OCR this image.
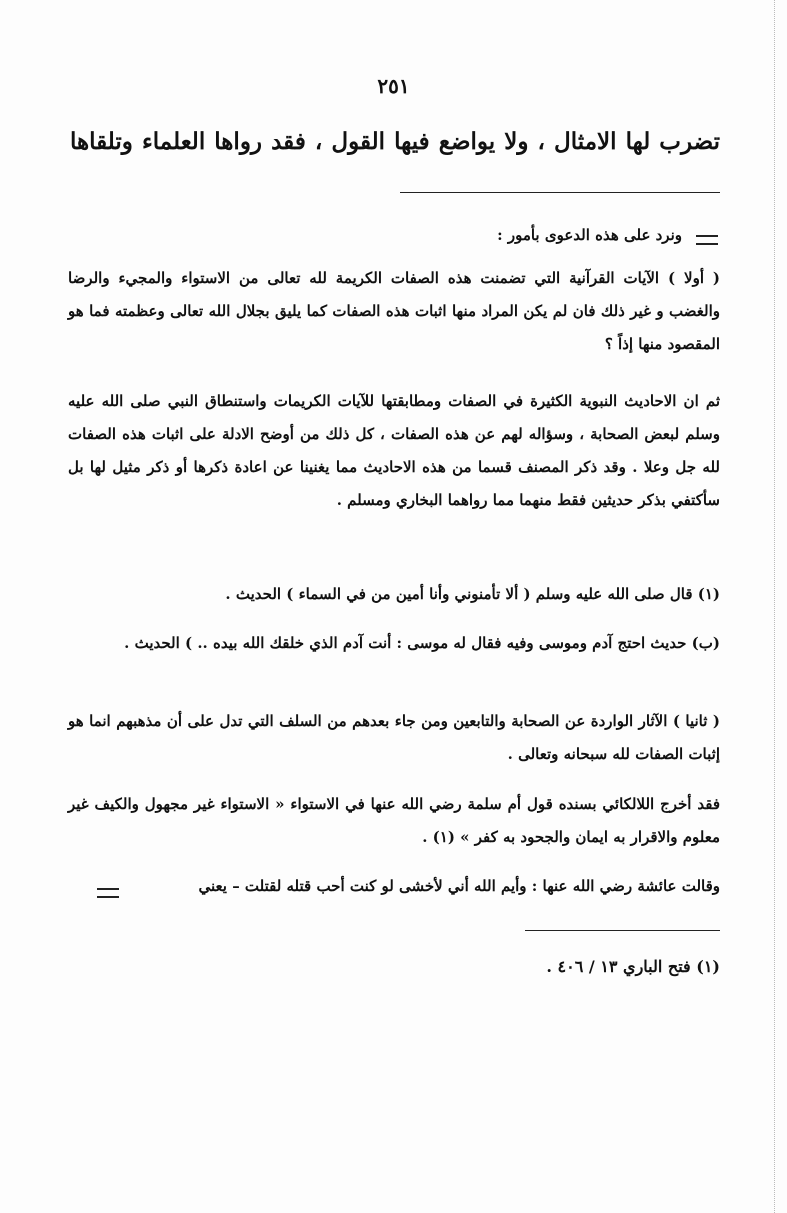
٢٥١
تضرب لها الامثال ، ولا يواضع فيها القول ، فقد رواها العلماء وتلقاها
ونرد على هذه الدعوى بأمور :
( أولا ) الآيات القرآنية التي تضمنت هذه الصفات الكريمة لله تعالى من الاستواء والمجيء والرضا والغضب و غير ذلك فان لم يكن المراد منها اثبات هذه الصفات كما يليق بجلال الله تعالى وعظمته فما هو المقصود منها إذاً ؟
ثم ان الاحاديث النبوية الكثيرة في الصفات ومطابقتها للآيات الكريمات واستنطاق النبي صلى الله عليه وسلم لبعض الصحابة ، وسؤاله لهم عن هذه الصفات ، كل ذلك من أوضح الادلة على اثبات هذه الصفات لله جل وعلا . وقد ذكر المصنف قسما من هذه الاحاديث مما يغنينا عن اعادة ذكرها أو ذكر مثيل لها بل سأكتفي بذكر حديثين فقط منهما مما رواهما البخاري ومسلم .
(١) قال صلى الله عليه وسلم ( ألا تأمنوني وأنا أمين من في السماء ) الحديث .
(ب) حديث احتج آدم وموسى وفيه فقال له موسى : أنت آدم الذي خلقك الله بيده .. ) الحديث .
( ثانيا ) الآثار الواردة عن الصحابة والتابعين ومن جاء بعدهم من السلف التي تدل على أن مذهبهم انما هو إثبات الصفات لله سبحانه وتعالى .
فقد أخرج اللالكائي بسنده قول أم سلمة رضي الله عنها في الاستواء « الاستواء غير مجهول والكيف غير معلوم والاقرار به ايمان والجحود به كفر » (١) .
وقالت عائشة رضي الله عنها : وأيم الله أني لأخشى لو كنت أحب قتله لقتلت – يعني
(١) فتح الباري ١٣ / ٤٠٦ .
